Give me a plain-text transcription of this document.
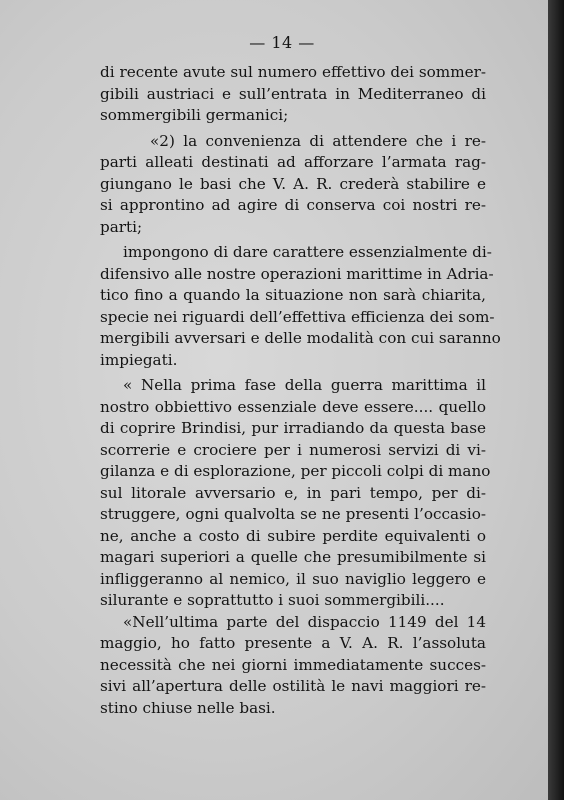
— 14 —
di recente avute sul numero effettivo dei sommer-
gibili austriaci e sull’entrata in Mediterraneo di
sommergibili germanici;
«2) la convenienza di attendere che i re-
parti alleati destinati ad afforzare l’armata rag-
giungano le basi che V. A. R. crederà stabilire e
si approntino ad agire di conserva coi nostri re-
parti;
impongono di dare carattere essenzialmente di-
difensivo alle nostre operazioni marittime in Adria-
tico fino a quando la situazione non sarà chiarita,
specie nei riguardi dell’effettiva efficienza dei som-
mergibili avversari e delle modalità con cui saranno
impiegati.
« Nella prima fase della guerra marittima il
nostro obbiettivo essenziale deve essere.... quello
di coprire Brindisi, pur irradiando da questa base
scorrerie e crociere per i numerosi servizi di vi-
gilanza e di esplorazione, per piccoli colpi di mano
sul litorale avversario e, in pari tempo, per di-
struggere, ogni qualvolta se ne presenti l’occasio-
ne, anche a costo di subire perdite equivalenti o
magari superiori a quelle che presumibilmente si
infliggeranno al nemico, il suo naviglio leggero e
silurante e soprattutto i suoi sommergibili....
«Nell’ultima parte del dispaccio 1149 del 14
maggio, ho fatto presente a V. A. R. l’assoluta
necessità che nei giorni immediatamente succes-
sivi all’apertura delle ostilità le navi maggiori re-
stino chiuse nelle basi.
